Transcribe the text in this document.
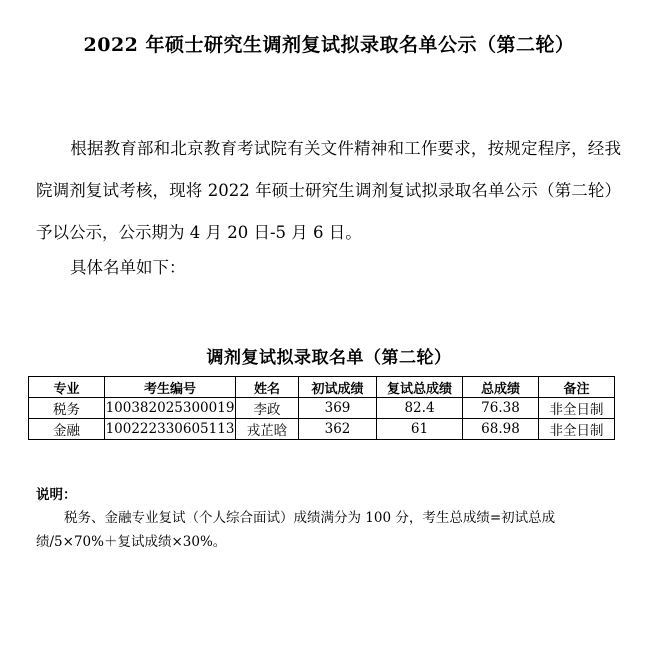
2022 年硕士研究生调剂复试拟录取名单公示（第二轮）

根据教育部和北京教育考试院有关文件精神和工作要求，按规定程序，经我院调剂复试考核，现将 2022 年硕士研究生调剂复试拟录取名单公示（第二轮）予以公示，公示期为 4 月 20 日-5 月 6 日。

具体名单如下：
调剂复试拟录取名单（第二轮）
专业	考生编号	姓名	初试成绩	复试总成绩	总成绩	备注
税务	100382025300019	李政	369	82.4	76.38	非全日制
金融	100222330605113	戎芷晗	362	61	68.98	非全日制
说明：

税务、金融专业复试（个人综合面试）成绩满分为 100 分，考生总成绩=初试总成绩/5×70%＋复试成绩×30%。
